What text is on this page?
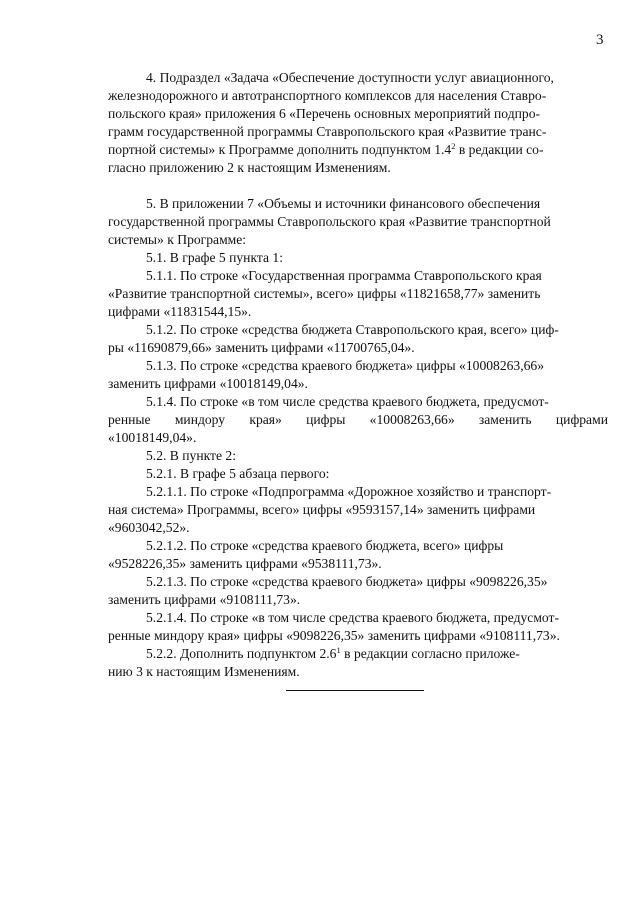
3
4. Подраздел «Задача «Обеспечение доступности услуг авиационного,
железнодорожного и автотранспортного комплексов для населения Ставро-
польского края» приложения 6 «Перечень основных мероприятий подпро-
грамм государственной программы Ставропольского края «Развитие транс-
портной системы» к Программе дополнить подпунктом $1.4^2$ в редакции со-
гласно приложению 2 к настоящим Изменениям.
5. В приложении 7 «Объемы и источники финансового обеспечения
государственной программы Ставропольского края «Развитие транспортной
системы» к Программе:
5.1. В графе 5 пункта 1:
5.1.1. По строке «Государственная программа Ставропольского края
«Развитие транспортной системы», всего» цифры «11821658,77» заменить
цифрами «11831544,15».
5.1.2. По строке «средства бюджета Ставропольского края, всего» циф-
ры «11690879,66» заменить цифрами «11700765,04».
5.1.3. По строке «средства краевого бюджета» цифры «10008263,66»
заменить цифрами «10018149,04».
5.1.4. По строке «в том числе средства краевого бюджета, предусмот-
ренные миндору края» цифры «10008263,66» заменить цифрами
«10018149,04».
5.2. В пункте 2:
5.2.1. В графе 5 абзаца первого:
5.2.1.1. По строке «Подпрограмма «Дорожное хозяйство и транспорт-
ная система» Программы, всего» цифры «9593157,14» заменить цифрами
«9603042,52».
5.2.1.2. По строке «средства краевого бюджета, всего» цифры
«9528226,35» заменить цифрами «9538111,73».
5.2.1.3. По строке «средства краевого бюджета» цифры «9098226,35»
заменить цифрами «9108111,73».
5.2.1.4. По строке «в том числе средства краевого бюджета, предусмот-
ренные миндору края» цифры «9098226,35» заменить цифрами «9108111,73».
5.2.2. Дополнить подпунктом $2.6^1$ в редакции согласно приложе-
нию 3 к настоящим Изменениям.
